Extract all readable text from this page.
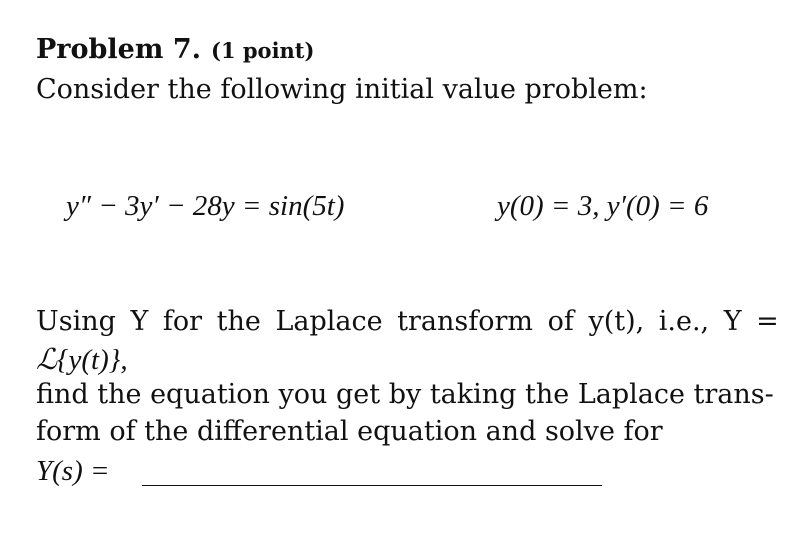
Problem 7. (1 point)
Consider the following initial value problem:
y″ − 3y′ − 28y = sin(5t)	y(0) = 3, y′(0) = 6
Using Y for the Laplace transform of y(t), i.e., Y =
ℒ{y(t)},
find the equation you get by taking the Laplace trans-
form of the differential equation and solve for
Y(s) =
